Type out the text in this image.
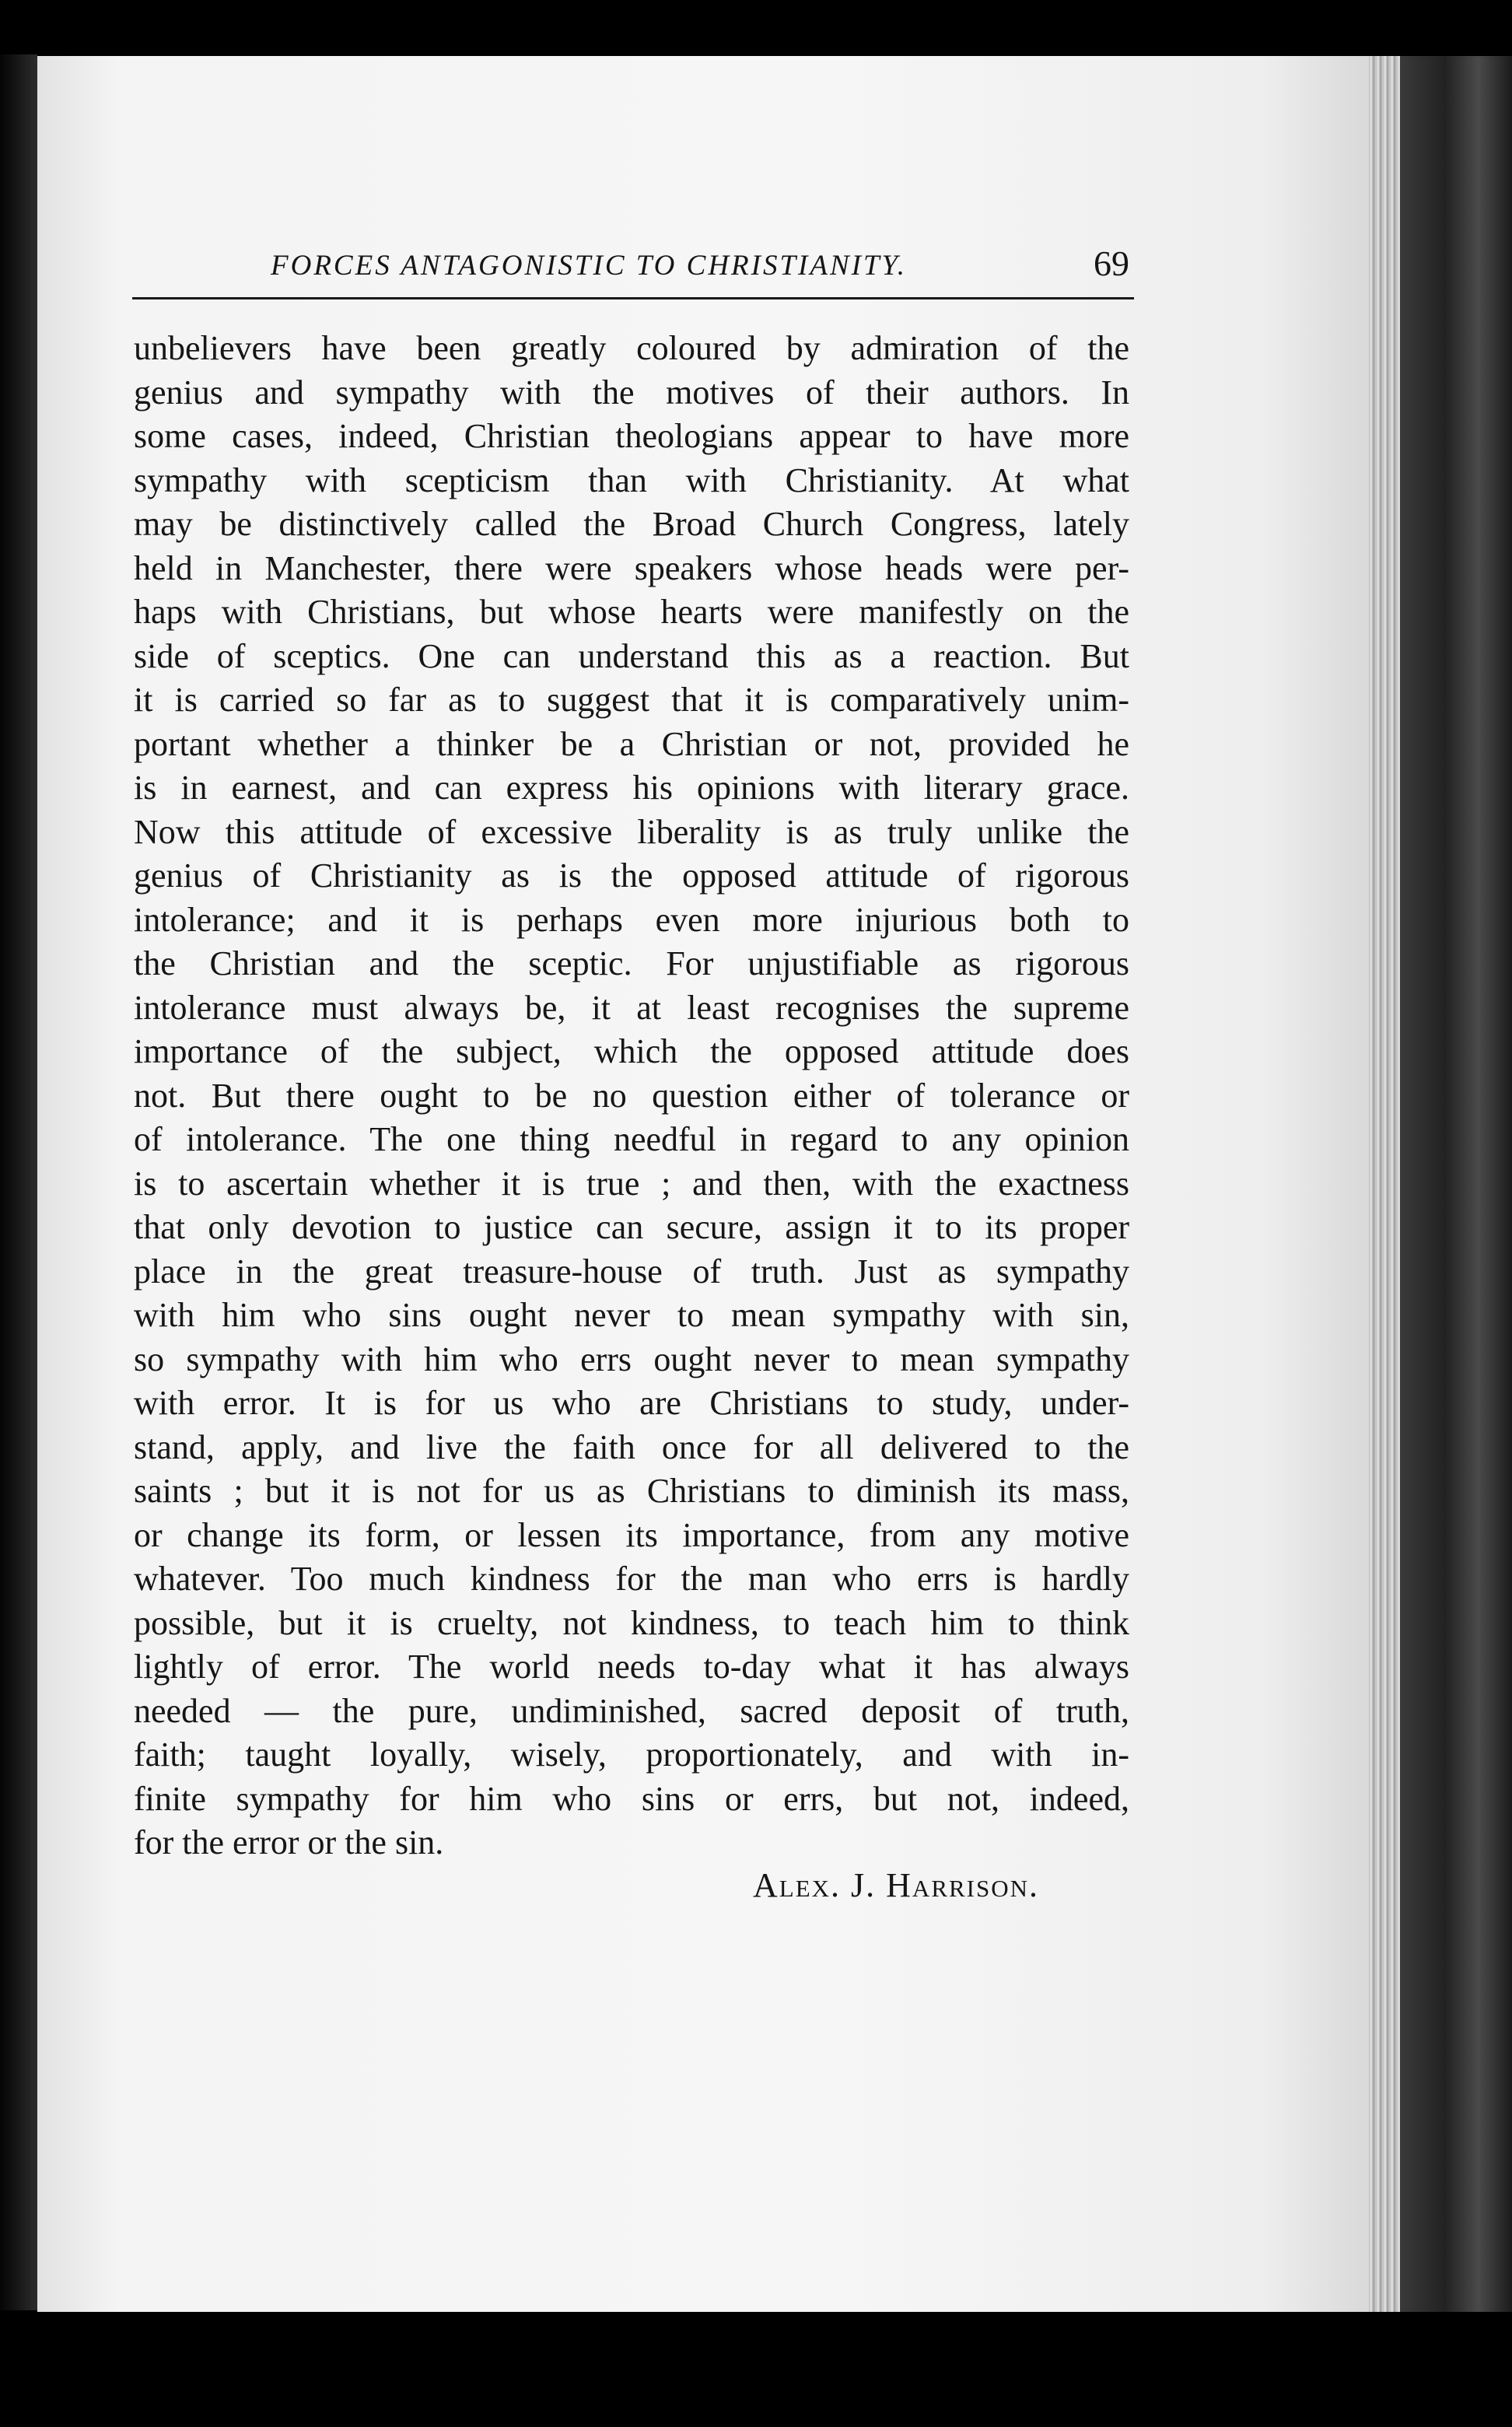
FORCES ANTAGONISTIC TO CHRISTIANITY.	69
unbelievers have been greatly coloured by admiration of the
genius and sympathy with the motives of their authors. In
some cases, indeed, Christian theologians appear to have more
sympathy with scepticism than with Christianity. At what
may be distinctively called the Broad Church Congress, lately
held in Manchester, there were speakers whose heads were per-
haps with Christians, but whose hearts were manifestly on the
side of sceptics. One can understand this as a reaction. But
it is carried so far as to suggest that it is comparatively unim-
portant whether a thinker be a Christian or not, provided he
is in earnest, and can express his opinions with literary grace.
Now this attitude of excessive liberality is as truly unlike the
genius of Christianity as is the opposed attitude of rigorous
intolerance; and it is perhaps even more injurious both to
the Christian and the sceptic. For unjustifiable as rigorous
intolerance must always be, it at least recognises the supreme
importance of the subject, which the opposed attitude does
not. But there ought to be no question either of tolerance or
of intolerance. The one thing needful in regard to any opinion
is to ascertain whether it is true ; and then, with the exactness
that only devotion to justice can secure, assign it to its proper
place in the great treasure-house of truth. Just as sympathy
with him who sins ought never to mean sympathy with sin,
so sympathy with him who errs ought never to mean sympathy
with error. It is for us who are Christians to study, under-
stand, apply, and live the faith once for all delivered to the
saints ; but it is not for us as Christians to diminish its mass,
or change its form, or lessen its importance, from any motive
whatever. Too much kindness for the man who errs is hardly
possible, but it is cruelty, not kindness, to teach him to think
lightly of error. The world needs to-day what it has always
needed — the pure, undiminished, sacred deposit of truth,
faith; taught loyally, wisely, proportionately, and with in-
finite sympathy for him who sins or errs, but not, indeed,
for the error or the sin.
Alex. J. Harrison.
